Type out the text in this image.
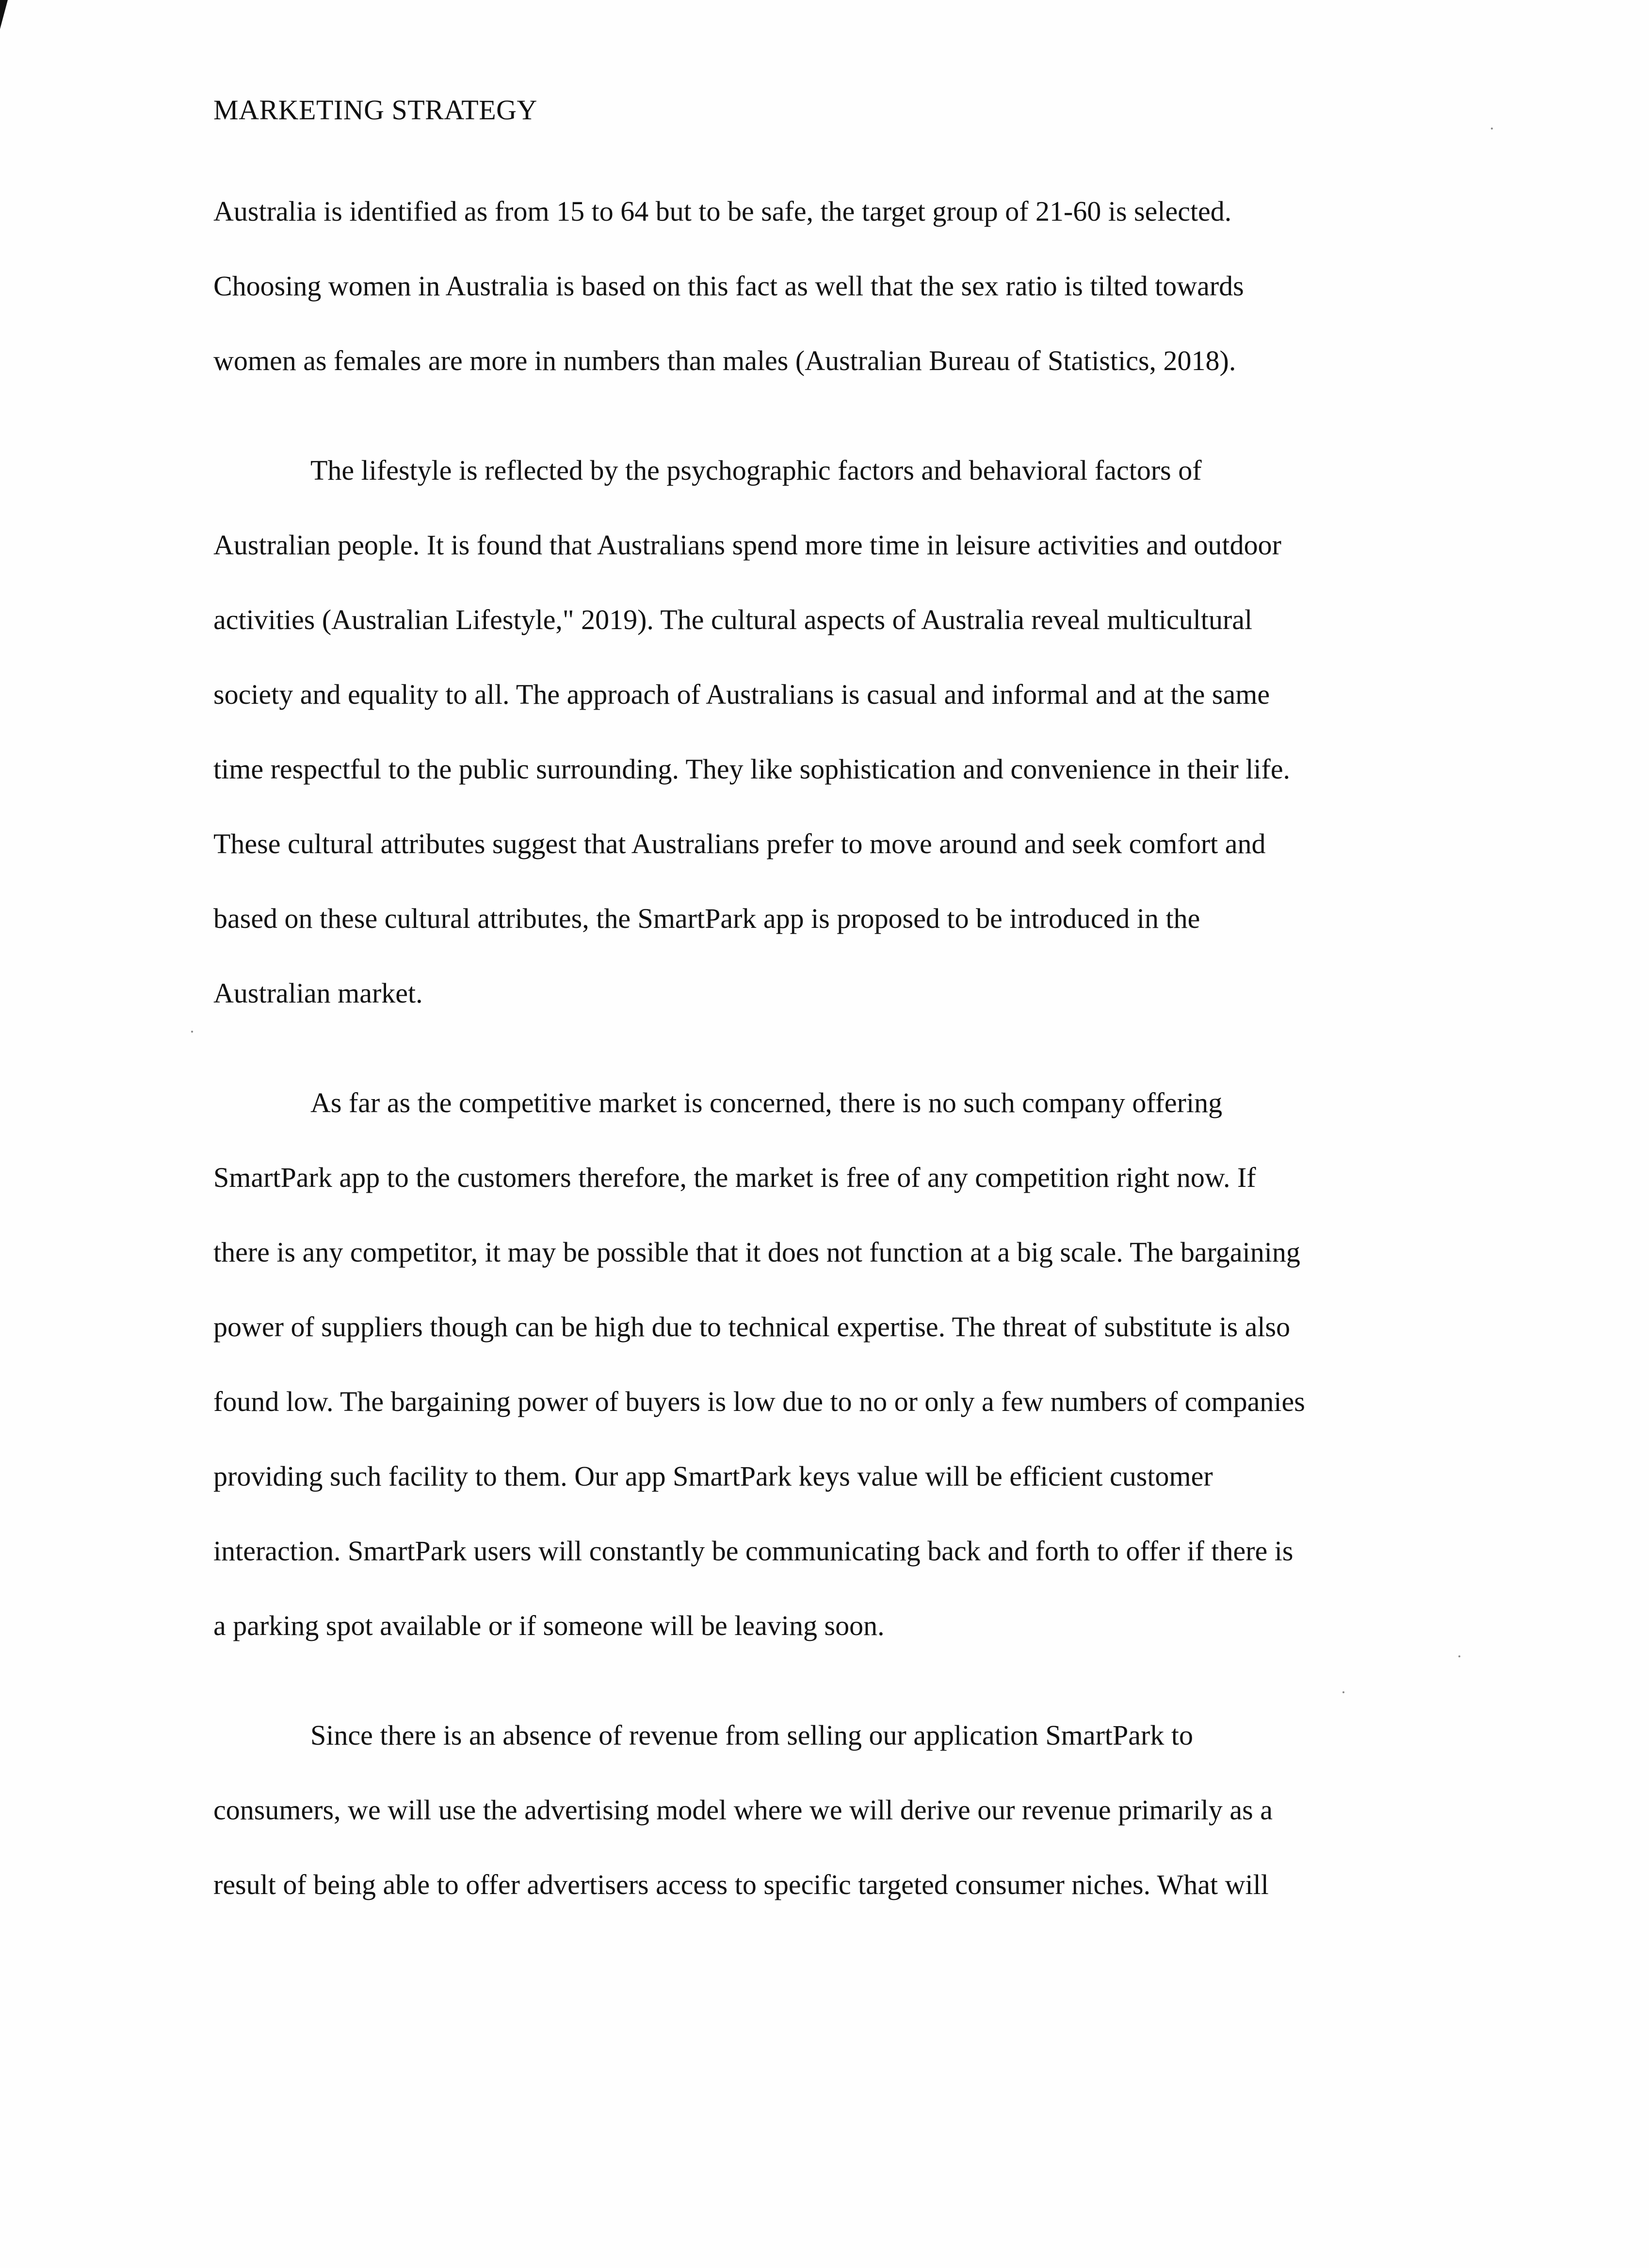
MARKETING STRATEGY

Australia is identified as from 15 to 64 but to be safe, the target group of 21-60 is selected.

Choosing women in Australia is based on this fact as well that the sex ratio is tilted towards

women as females are more in numbers than males (Australian Bureau of Statistics, 2018).

The lifestyle is reflected by the psychographic factors and behavioral factors of

Australian people. It is found that Australians spend more time in leisure activities and outdoor

activities (Australian Lifestyle," 2019). The cultural aspects of Australia reveal multicultural

society and equality to all. The approach of Australians is casual and informal and at the same

time respectful to the public surrounding. They like sophistication and convenience in their life.

These cultural attributes suggest that Australians prefer to move around and seek comfort and

based on these cultural attributes, the SmartPark app is proposed to be introduced in the

Australian market.

As far as the competitive market is concerned, there is no such company offering

SmartPark app to the customers therefore, the market is free of any competition right now. If

there is any competitor, it may be possible that it does not function at a big scale. The bargaining

power of suppliers though can be high due to technical expertise. The threat of substitute is also

found low. The bargaining power of buyers is low due to no or only a few numbers of companies

providing such facility to them. Our app SmartPark keys value will be efficient customer

interaction. SmartPark users will constantly be communicating back and forth to offer if there is

a parking spot available or if someone will be leaving soon.

Since there is an absence of revenue from selling our application SmartPark to

consumers, we will use the advertising model where we will derive our revenue primarily as a

result of being able to offer advertisers access to specific targeted consumer niches. What will
